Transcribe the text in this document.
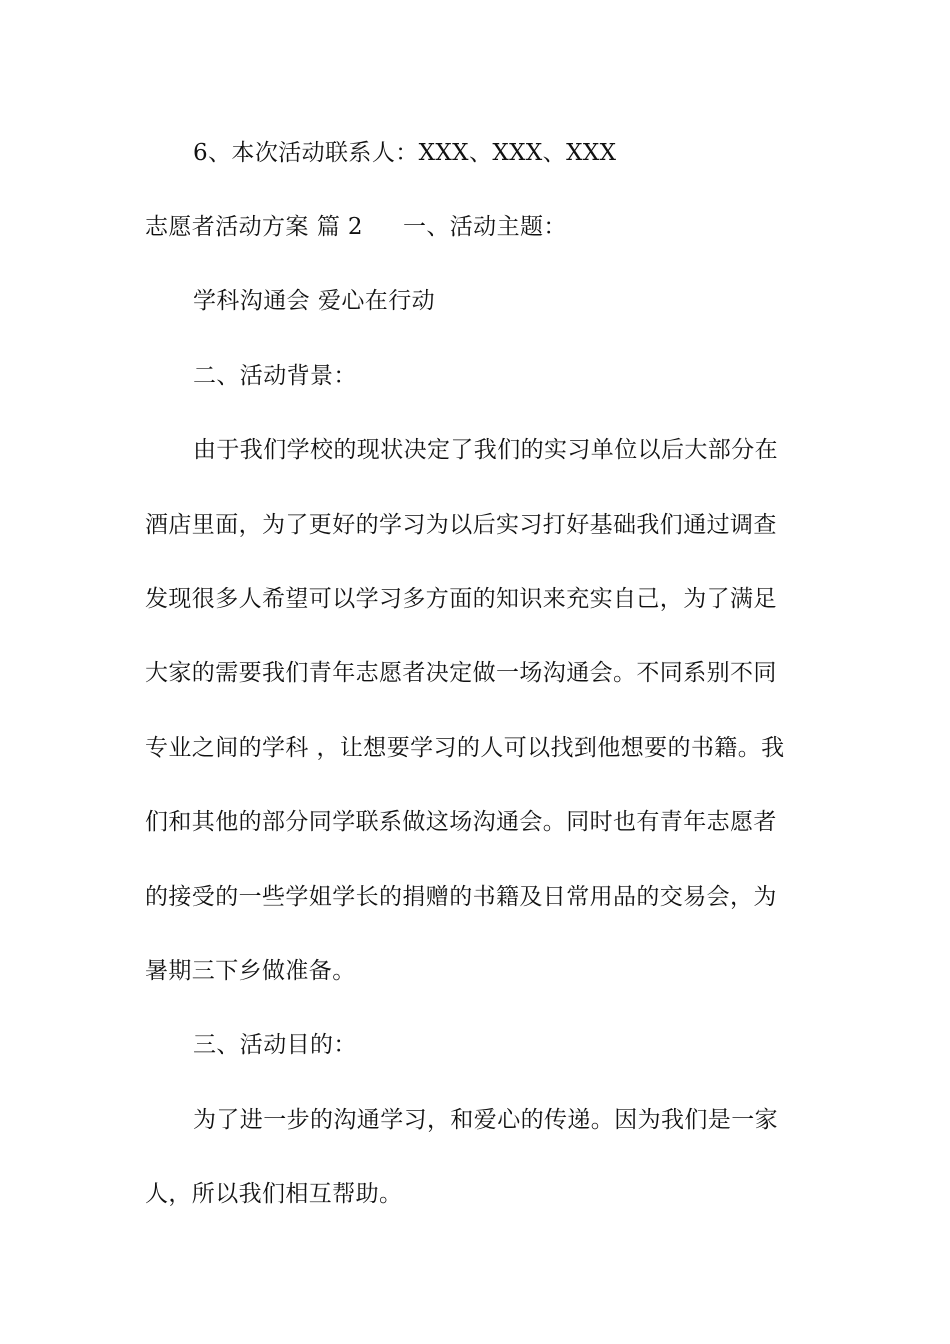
6、本次活动联系人：XXX、XXX、XXX
志愿者活动方案 篇 2 一、活动主题：
学科沟通会 爱心在行动
二、活动背景：
由于我们学校的现状决定了我们的实习单位以后大部分在
酒店里面，为了更好的学习为以后实习打好基础我们通过调查
发现很多人希望可以学习多方面的知识来充实自己，为了满足
大家的需要我们青年志愿者决定做一场沟通会。不同系别不同
专业之间的学科 ，让想要学习的人可以找到他想要的书籍。我
们和其他的部分同学联系做这场沟通会。同时也有青年志愿者
的接受的一些学姐学长的捐赠的书籍及日常用品的交易会，为
暑期三下乡做准备。
三、活动目的：
为了进一步的沟通学习，和爱心的传递。因为我们是一家
人，所以我们相互帮助。
